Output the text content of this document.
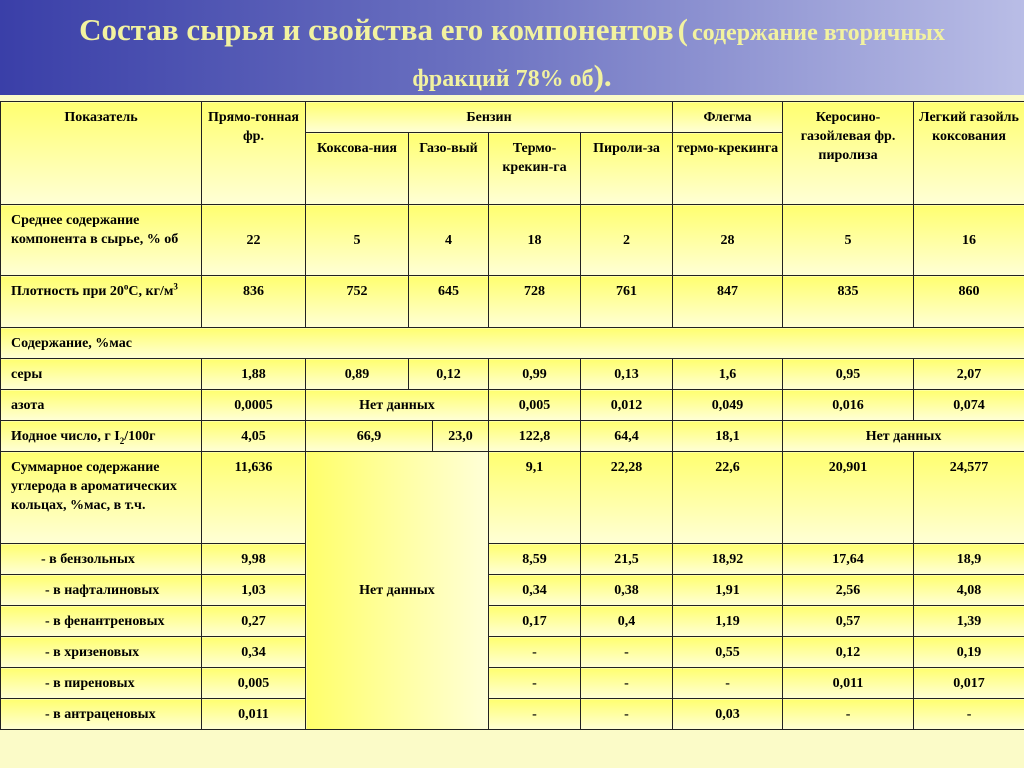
Состав сырья и свойства его компонентов ( содержание вторичных
фракций 78% об).
Показатель	Прямо-гонная фр.	Бензин					Флегма	Керосино-газойлевая фр. пиролиза	Легкий газойль коксования
		Коксова-ния	Газо-вый		Термо-крекин-га	Пироли-за	термо-крекинга		
Среднее содержание компонента в сырье, % об	22	5	4		18	2	28	5	16
Плотность при $20^оС$, $кг/м^3$	836	752	645		728	761	847	835	860
Содержание, %мас									
серы	1,88	0,89	0,12		0,99	0,13	1,6	0,95	2,07
азота	0,0005	Нет данных			0,005	0,012	0,049	0,016	0,074
Иодное число, г $I_2/100г$	4,05	66,9		23,0	122,8	64,4	18,1	Нет данных	
Суммарное содержание углерода в ароматических кольцах, %мас, в т.ч.	11,636	Нет данных			9,1	22,28	22,6	20,901	24,577
- в бензольных	9,98				8,59	21,5	18,92	17,64	18,9
- в нафталиновых	1,03				0,34	0,38	1,91	2,56	4,08
- в фенантреновых	0,27				0,17	0,4	1,19	0,57	1,39
- в хризеновых	0,34				-	-	0,55	0,12	0,19
- в пиреновых	0,005				-	-	-	0,011	0,017
- в антраценовых	0,011				-	-	0,03	-	-
